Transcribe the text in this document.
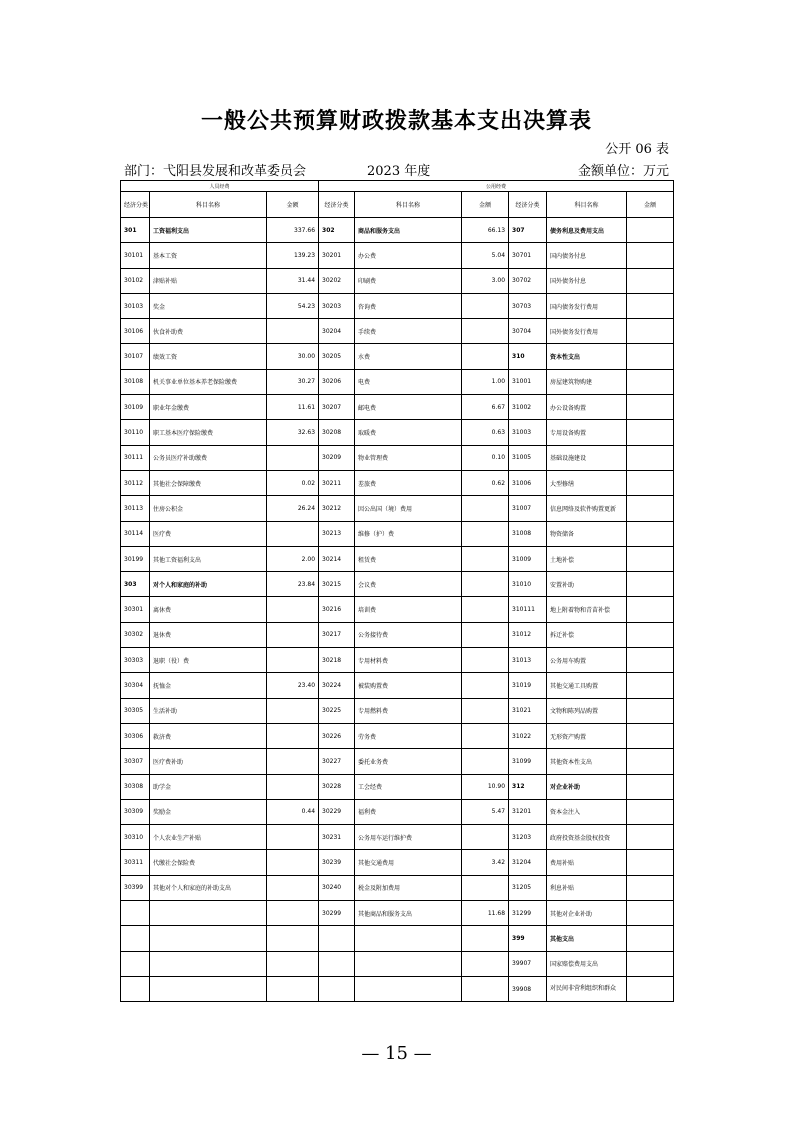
一般公共预算财政拨款基本支出决算表
公开 06 表
部门：弋阳县发展和改革委员会	2023 年度	金额单位：万元
人员经费			公用经费					
经济分类	科目名称	金额	经济分类	科目名称	金额	经济分类	科目名称	金额
301	工资福利支出	337.66	302	商品和服务支出	66.13	307	债务利息及费用支出	
30101	基本工资	139.23	30201	办公费	5.04	30701	国内债务付息	
30102	津贴补贴	31.44	30202	印刷费	3.00	30702	国外债务付息	
30103	奖金	54.23	30203	咨询费		30703	国内债务发行费用	
30106	伙食补助费		30204	手续费		30704	国外债务发行费用	
30107	绩效工资	30.00	30205	水费		310	资本性支出	
30108	机关事业单位基本养老保险缴费	30.27	30206	电费	1.00	31001	房屋建筑物购建	
30109	职业年金缴费	11.61	30207	邮电费	6.67	31002	办公设备购置	
30110	职工基本医疗保险缴费	32.63	30208	取暖费	0.63	31003	专用设备购置	
30111	公务员医疗补助缴费		30209	物业管理费	0.10	31005	基础设施建设	
30112	其他社会保障缴费	0.02	30211	差旅费	0.62	31006	大型修缮	
30113	住房公积金	26.24	30212	因公出国（境）费用		31007	信息网络及软件购置更新	
30114	医疗费		30213	维修（护）费		31008	物资储备	
30199	其他工资福利支出	2.00	30214	租赁费		31009	土地补偿	
303	对个人和家庭的补助	23.84	30215	会议费		31010	安置补助	
30301	离休费		30216	培训费		310111	地上附着物和青苗补偿	
30302	退休费		30217	公务接待费		31012	拆迁补偿	
30303	退职（役）费		30218	专用材料费		31013	公务用车购置	
30304	抚恤金	23.40	30224	被装购置费		31019	其他交通工具购置	
30305	生活补助		30225	专用燃料费		31021	文物和陈列品购置	
30306	救济费		30226	劳务费		31022	无形资产购置	
30307	医疗费补助		30227	委托业务费		31099	其他资本性支出	
30308	助学金		30228	工会经费	10.90	312	对企业补助	
30309	奖励金	0.44	30229	福利费	5.47	31201	资本金注入	
30310	个人农业生产补贴		30231	公务用车运行维护费		31203	政府投资基金股权投资	
30311	代缴社会保险费		30239	其他交通费用	3.42	31204	费用补贴	
30399	其他对个人和家庭的补助支出		30240	税金及附加费用		31205	利息补贴	
			30299	其他商品和服务支出	11.68	31299	其他对企业补助	
						399	其他支出	
						39907	国家赔偿费用支出	
						39908	对民间非营利组织和群众	
— 15 —
